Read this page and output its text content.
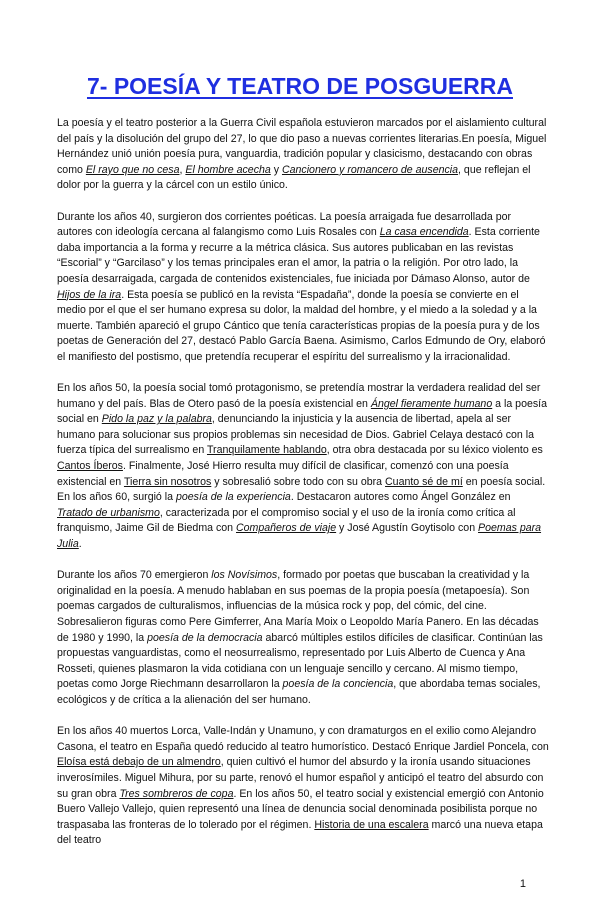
7- POESÍA Y TEATRO DE POSGUERRA

La poesía y el teatro posterior a la Guerra Civil española estuvieron marcados por el aislamiento cultural del país y la disolución del grupo del 27, lo que dio paso a nuevas corrientes literarias.En poesía, Miguel Hernández unió unión poesía pura, vanguardia, tradición popular y clasicismo, destacando con obras como El rayo que no cesa, El hombre acecha y Cancionero y romancero de ausencia, que reflejan el dolor por la guerra y la cárcel con un estilo único.

Durante los años 40, surgieron dos corrientes poéticas. La poesía arraigada fue desarrollada por autores con ideología cercana al falangismo como Luis Rosales con La casa encendida. Esta corriente daba importancia a la forma y recurre a la métrica clásica. Sus autores publicaban en las revistas “Escorial” y “Garcilaso” y los temas principales eran el amor, la patria o la religión. Por otro lado, la poesía desarraigada, cargada de contenidos existenciales, fue iniciada por Dámaso Alonso, autor de Hijos de la ira. Esta poesía se publicó en la revista “Espadaña”, donde la poesía se convierte en el medio por el que el ser humano expresa su dolor, la maldad del hombre, y el miedo a la soledad y a la muerte. También apareció el grupo Cántico que tenía características propias de la poesía pura y de los poetas de Generación del 27, destacó Pablo García Baena. Asimismo, Carlos Edmundo de Ory, elaboró el manifiesto del postismo, que pretendía recuperar el espíritu del surrealismo y la irracionalidad.

En los años 50, la poesía social tomó protagonismo, se pretendía mostrar la verdadera realidad del ser humano y del país. Blas de Otero pasó de la poesía existencial en Ángel fieramente humano a la poesía social en Pido la paz y la palabra, denunciando la injusticia y la ausencia de libertad, apela al ser humano para solucionar sus propios problemas sin necesidad de Dios. Gabriel Celaya destacó con la fuerza típica del surrealismo en Tranquilamente hablando, otra obra destacada por su léxico violento es Cantos Íberos. Finalmente, José Hierro resulta muy difícil de clasificar, comenzó con una poesía existencial en Tierra sin nosotros y sobresalió sobre todo con su obra Cuanto sé de mí en poesía social. En los años 60, surgió la poesía de la experiencia. Destacaron autores como Ángel González en Tratado de urbanismo, caracterizada por el compromiso social y el uso de la ironía como crítica al franquismo, Jaime Gil de Biedma con Compañeros de viaje y José Agustín Goytisolo con Poemas para Julia.

Durante los años 70 emergieron los Novísimos, formado por poetas que buscaban la creatividad y la originalidad en la poesía. A menudo hablaban en sus poemas de la propia poesía (metapoesía). Son poemas cargados de culturalismos, influencias de la música rock y pop, del cómic, del cine. Sobresalieron figuras como Pere Gimferrer, Ana María Moix o Leopoldo María Panero. En las décadas de 1980 y 1990, la poesía de la democracia abarcó múltiples estilos difíciles de clasificar. Continúan las propuestas vanguardistas, como el neosurrealismo, representado por Luis Alberto de Cuenca y Ana Rosseti, quienes plasmaron la vida cotidiana con un lenguaje sencillo y cercano. Al mismo tiempo, poetas como Jorge Riechmann desarrollaron la poesía de la conciencia, que abordaba temas sociales, ecológicos y de crítica a la alienación del ser humano.

En los años 40 muertos Lorca, Valle-Indán y Unamuno, y con dramaturgos en el exilio como Alejandro Casona, el teatro en España quedó reducido al teatro humorístico. Destacó Enrique Jardiel Poncela, con Eloísa está debajo de un almendro, quien cultivó el humor del absurdo y la ironía usando situaciones inverosímiles. Miguel Mihura, por su parte, renovó el humor español y anticipó el teatro del absurdo con su gran obra Tres sombreros de copa. En los años 50, el teatro social y existencial emergió con Antonio Buero Vallejo Vallejo, quien representó una línea de denuncia social denominada posibilista porque no traspasaba las fronteras de lo tolerado por el régimen. Historia de una escalera marcó una nueva etapa del teatro

1
